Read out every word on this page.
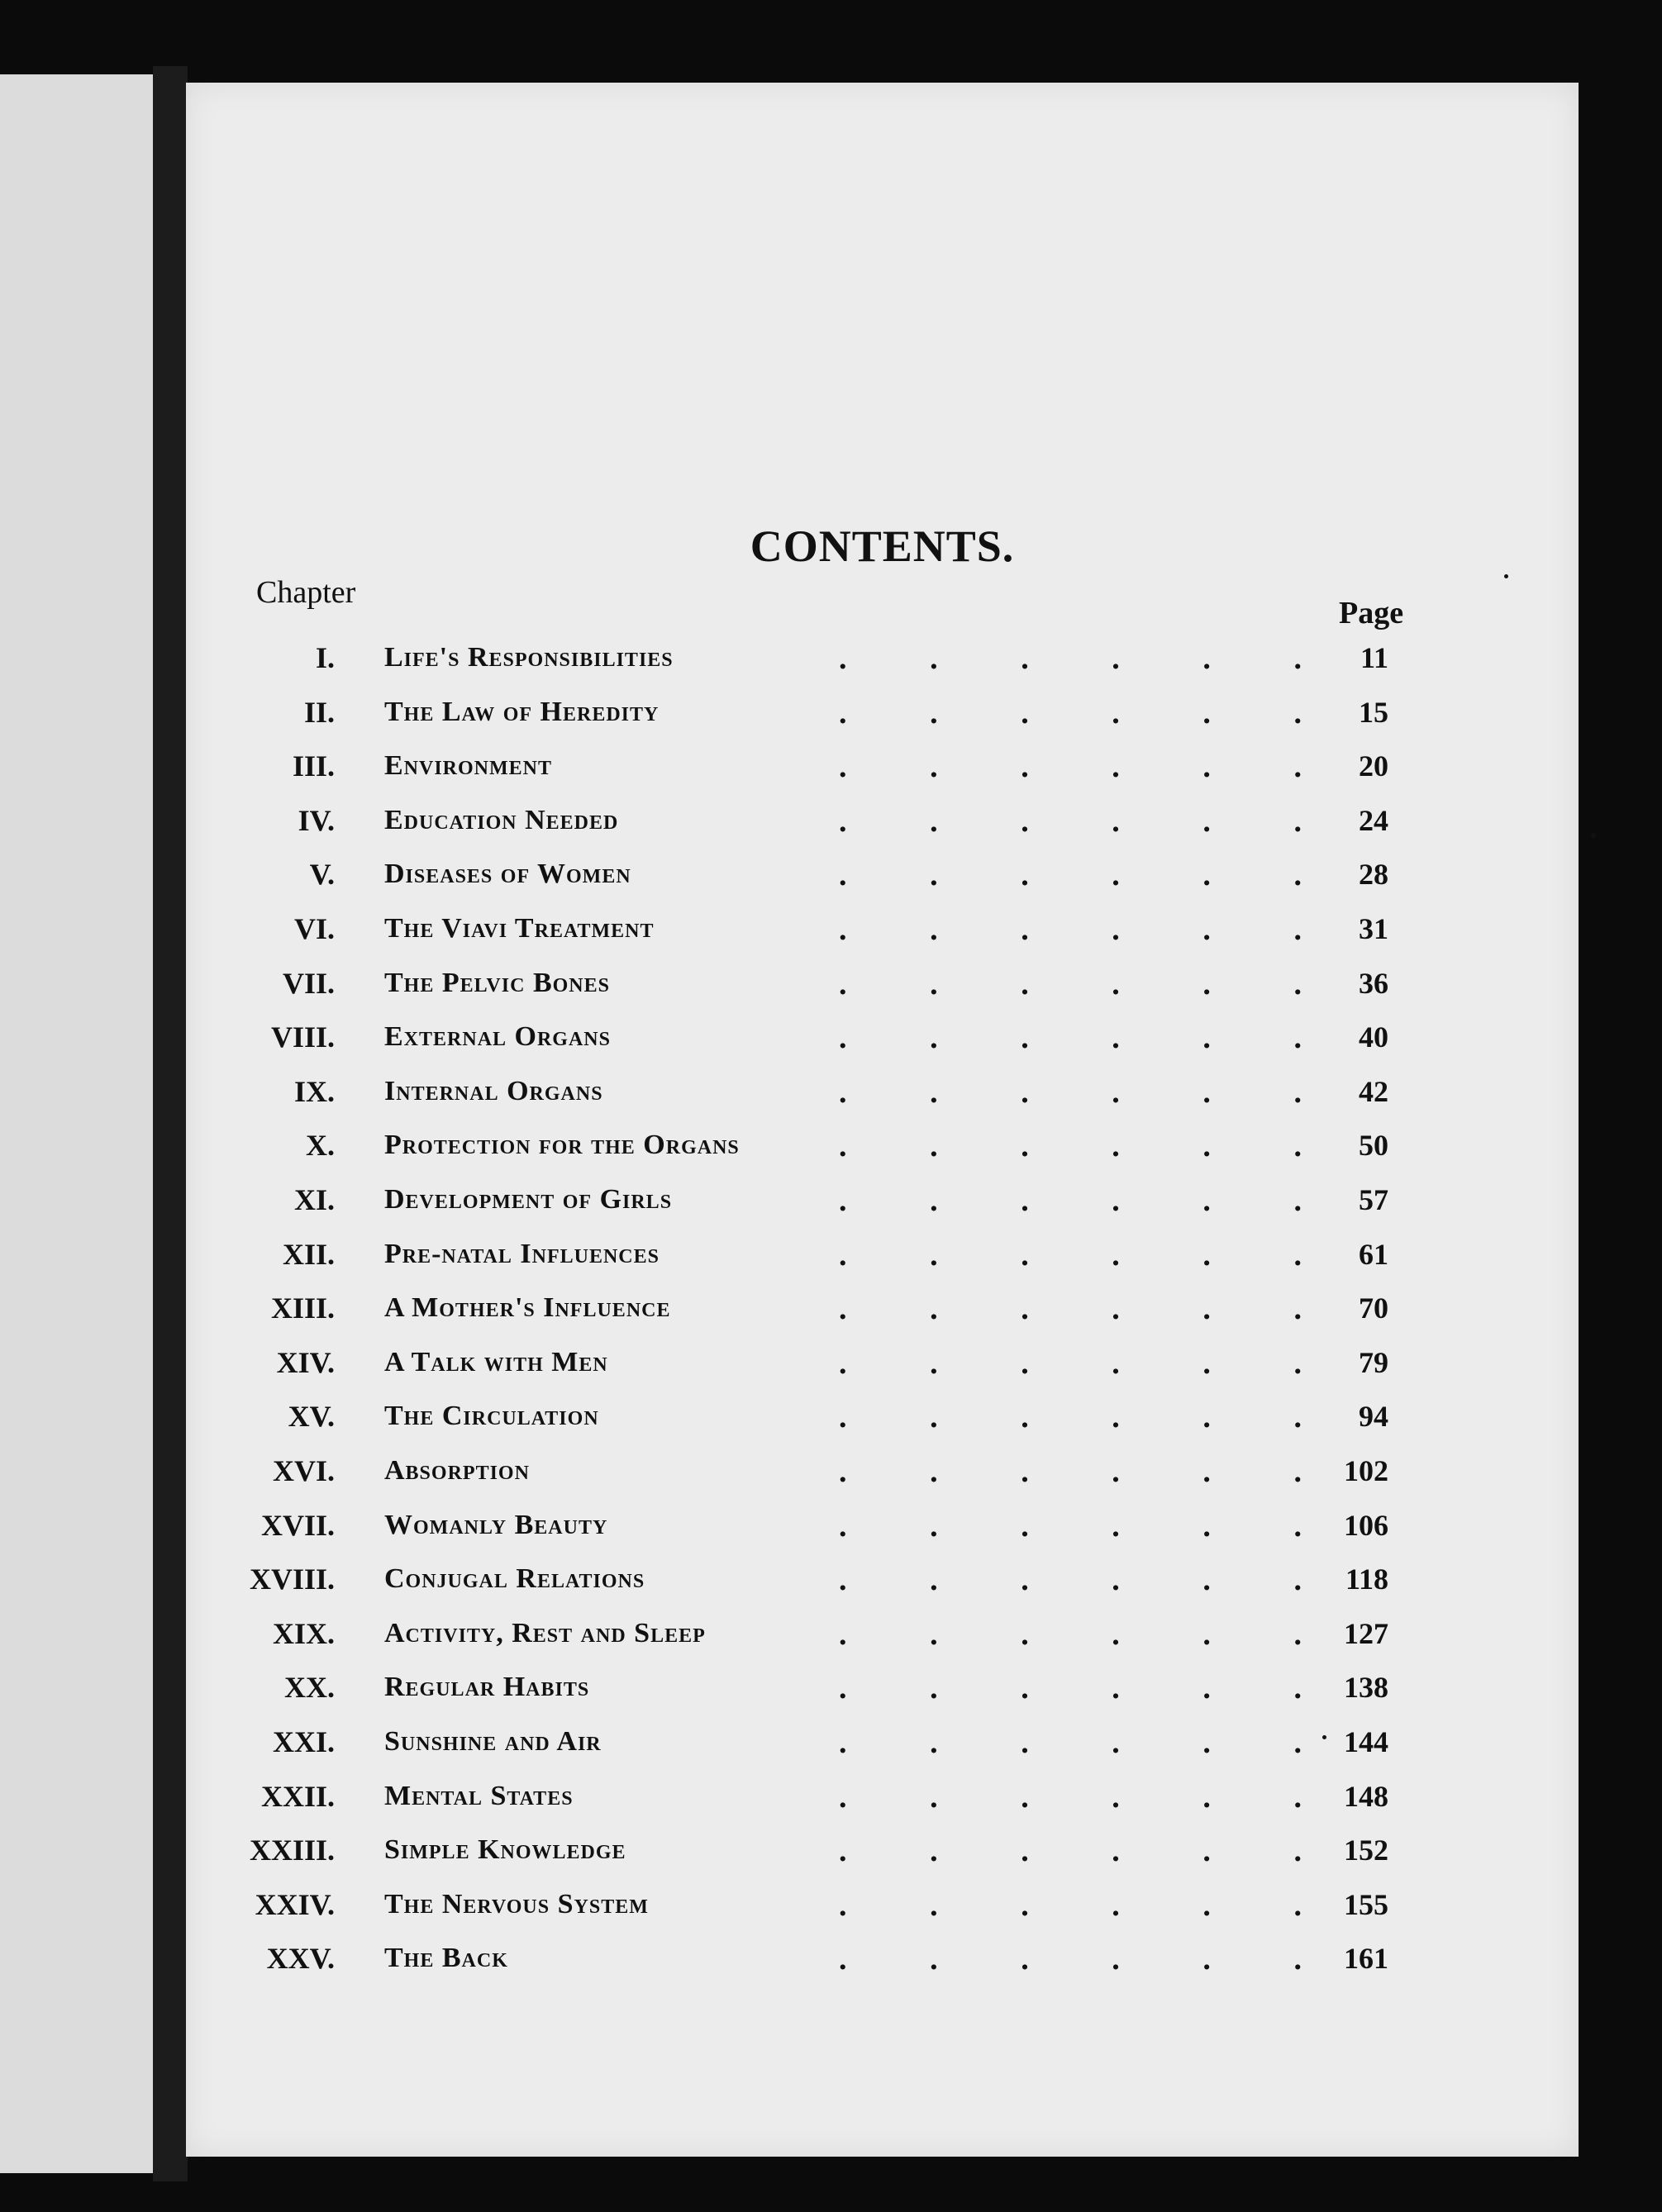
CONTENTS.
Chapter
Page
I. Life's Responsibilities	.	.	.	.	.	. 11
II. The Law of Heredity	.	.	.	.	.	. 15
III. Environment	.	.	.	.	.	. 20
IV. Education Needed	.	.	.	.	.	. 24
V. Diseases of Women	.	.	.	.	.	. 28
VI. The Viavi Treatment	.	.	.	.	.	. 31
VII. The Pelvic Bones	.	.	.	.	.	. 36
VIII. External Organs	.	.	.	.	.	. 40
IX. Internal Organs	.	.	.	.	.	. 42
X. Protection for the Organs	.	.	.	.	.	. 50
XI. Development of Girls	.	.	.	.	.	. 57
XII. Pre-natal Influences	.	.	.	.	.	. 61
XIII. A Mother's Influence	.	.	.	.	.	. 70
XIV. A Talk with Men	.	.	.	.	.	. 79
XV. The Circulation	.	.	.	.	.	. 94
XVI. Absorption	.	.	.	.	.	. 102
XVII. Womanly Beauty	.	.	.	.	.	. 106
XVIII. Conjugal Relations	.	.	.	.	.	. 118
XIX. Activity, Rest and Sleep	.	.	.	.	.	. 127
XX. Regular Habits	.	.	.	.	.	. 138
XXI. Sunshine and Air	.	.	.	.	.	. 144
XXII. Mental States	.	.	.	.	.	. 148
XXIII. Simple Knowledge	.	.	.	.	.	. 152
XXIV. The Nervous System	.	.	.	.	.	. 155
XXV. The Back	.	.	.	.	.	. 161
